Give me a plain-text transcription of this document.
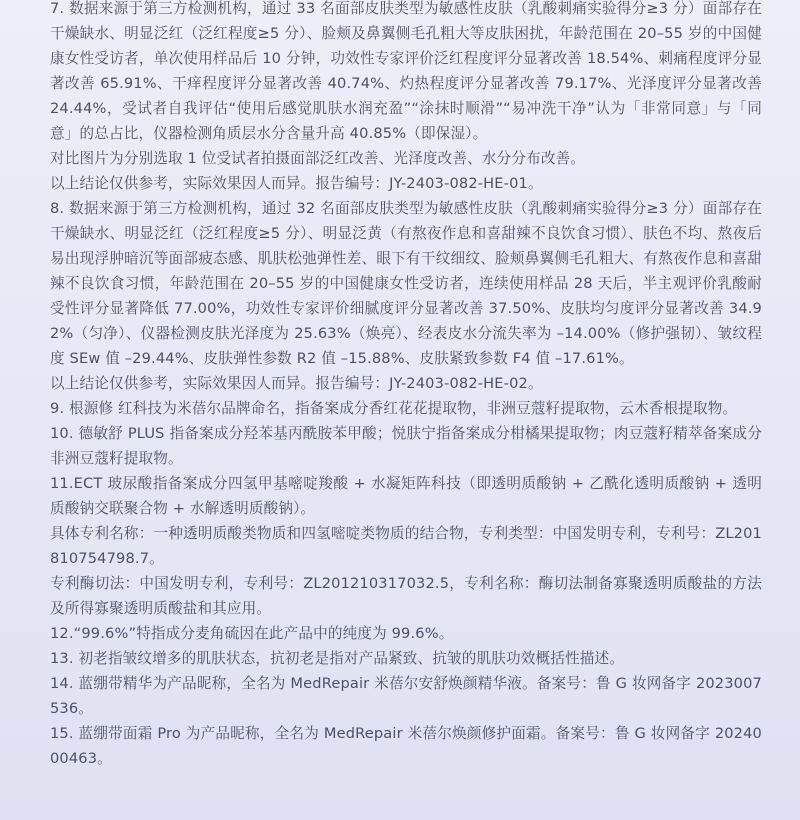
7. 数据来源于第三方检测机构，通过 33 名面部皮肤类型为敏感性皮肤（乳酸刺痛实验得分≥3 分）面部存在干燥缺水、明显泛红（泛红程度≥5 分）、脸颊及鼻翼侧毛孔粗大等皮肤困扰，年龄范围在 20–55 岁的中国健康女性受访者，单次使用样品后 10 分钟，功效性专家评价泛红程度评分显著改善 18.54%、刺痛程度评分显著改善 65.91%、干痒程度评分显著改善 40.74%、灼热程度评分显著改善 79.17%、光泽度评分显著改善 24.44%，受试者自我评估“使用后感觉肌肤水润充盈”“涂抹时顺滑”“易冲洗干净”认为「非常同意」与「同意」的总占比，仪器检测角质层水分含量升高 40.85%（即保湿）。

对比图片为分别选取 1 位受试者拍摄面部泛红改善、光泽度改善、水分分布改善。

以上结论仅供参考，实际效果因人而异。报告编号：JY-2403-082-HE-01。

8. 数据来源于第三方检测机构，通过 32 名面部皮肤类型为敏感性皮肤（乳酸刺痛实验得分≥3 分）面部存在干燥缺水、明显泛红（泛红程度≥5 分）、明显泛黄（有熬夜作息和喜甜辣不良饮食习惯）、肤色不均、熬夜后易出现浮肿暗沉等面部疲态感、肌肤松弛弹性差、眼下有干纹细纹、脸颊鼻翼侧毛孔粗大、有熬夜作息和喜甜辣不良饮食习惯，年龄范围在 20–55 岁的中国健康女性受访者，连续使用样品 28 天后，半主观评价乳酸耐受性评分显著降低 77.00%，功效性专家评价细腻度评分显著改善 37.50%、皮肤均匀度评分显著改善 34.92%（匀净）、仪器检测皮肤光泽度为 25.63%（焕亮）、经表皮水分流失率为 –14.00%（修护强韧）、皱纹程度 SEw 值 –29.44%、皮肤弹性参数 R2 值 –15.88%、皮肤紧致参数 F4 值 –17.61%。

以上结论仅供参考，实际效果因人而异。报告编号：JY-2403-082-HE-02。

9. 根源修 红科技为米蓓尔品牌命名，指备案成分香红花花提取物，非洲豆蔻籽提取物，云木香根提取物。

10. 德敏舒 PLUS 指备案成分羟苯基丙酰胺苯甲酸；悦肤宁指备案成分柑橘果提取物；肉豆蔻籽精萃备案成分非洲豆蔻籽提取物。

11.ECT 玻尿酸指备案成分四氢甲基嘧啶羧酸 + 水凝矩阵科技（即透明质酸钠 + 乙酰化透明质酸钠 + 透明质酸钠交联聚合物 + 水解透明质酸钠）。

具体专利名称：一种透明质酸类物质和四氢嘧啶类物质的结合物，专利类型：中国发明专利，专利号：ZL201810754798.7。

专利酶切法：中国发明专利，专利号：ZL201210317032.5，专利名称：酶切法制备寡聚透明质酸盐的方法及所得寡聚透明质酸盐和其应用。

12.“99.6%”特指成分麦角硫因在此产品中的纯度为 99.6%。

13. 初老指皱纹增多的肌肤状态，抗初老是指对产品紧致、抗皱的肌肤功效概括性描述。

14. 蓝绷带精华为产品昵称，全名为 MedRepair 米蓓尔安舒焕颜精华液。备案号：鲁 G 妆网备字 2023007536。

15. 蓝绷带面霜 Pro 为产品昵称，全名为 MedRepair 米蓓尔焕颜修护面霜。备案号：鲁 G 妆网备字 2024000463。
